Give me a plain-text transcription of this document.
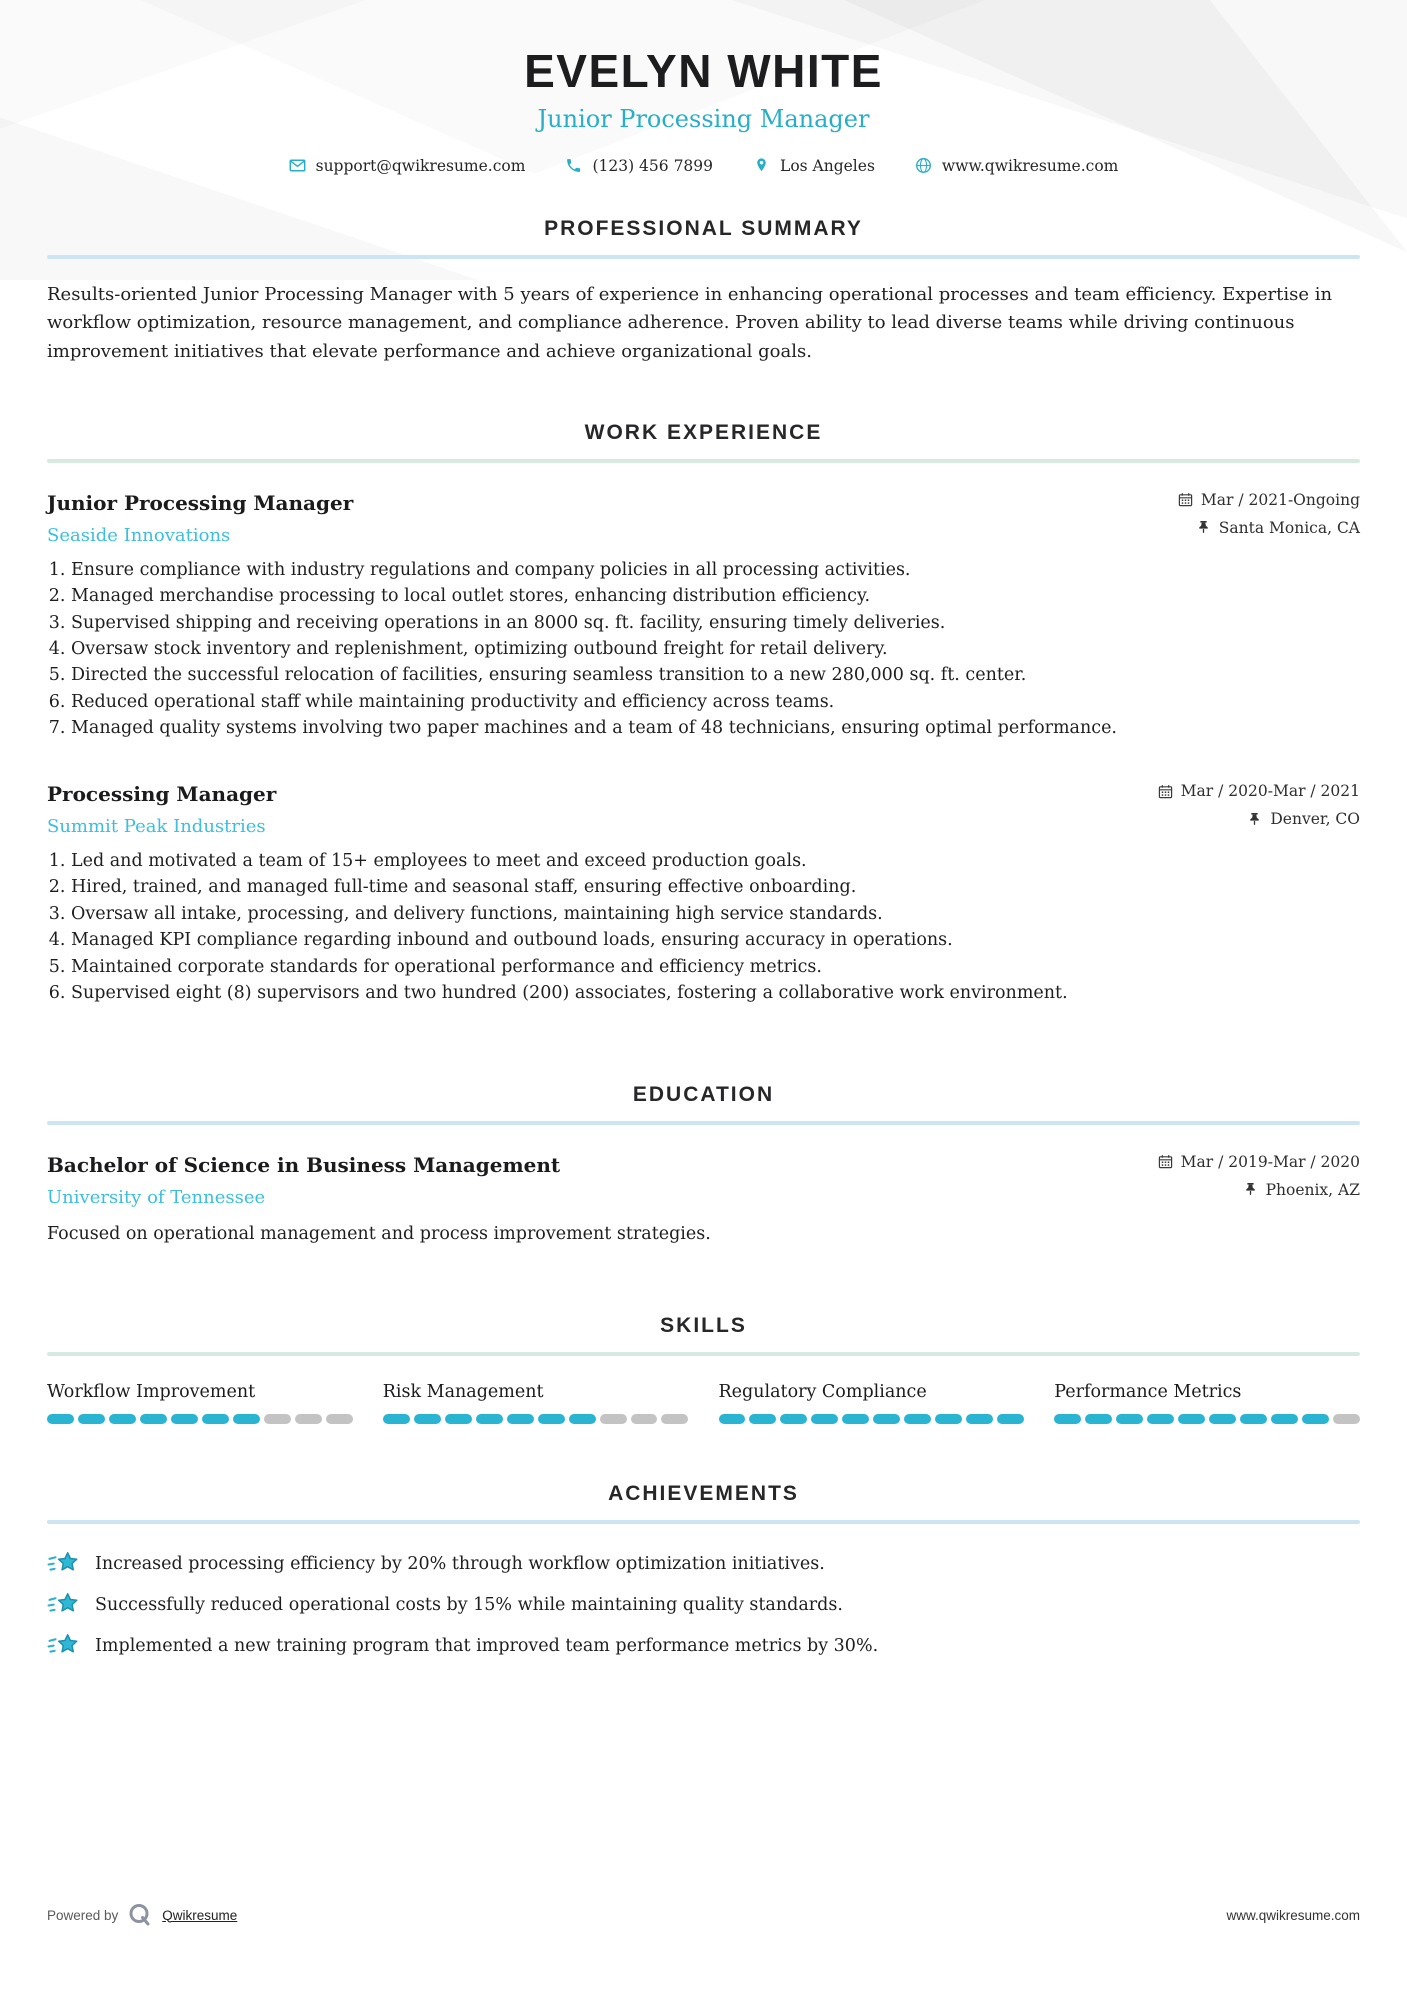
EVELYN WHITE
Junior Processing Manager
support@qwikresume.com	(123) 456 7899	Los Angeles	www.qwikresume.com
PROFESSIONAL SUMMARY
Results-oriented Junior Processing Manager with 5 years of experience in enhancing operational processes and team efficiency. Expertise in workflow optimization, resource management, and compliance adherence. Proven ability to lead diverse teams while driving continuous improvement initiatives that elevate performance and achieve organizational goals.
WORK EXPERIENCE
Junior Processing Manager
Seaside Innovations
Mar / 2021-Ongoing
Santa Monica, CA
1. Ensure compliance with industry regulations and company policies in all processing activities.
2. Managed merchandise processing to local outlet stores, enhancing distribution efficiency.
3. Supervised shipping and receiving operations in an 8000 sq. ft. facility, ensuring timely deliveries.
4. Oversaw stock inventory and replenishment, optimizing outbound freight for retail delivery.
5. Directed the successful relocation of facilities, ensuring seamless transition to a new 280,000 sq. ft. center.
6. Reduced operational staff while maintaining productivity and efficiency across teams.
7. Managed quality systems involving two paper machines and a team of 48 technicians, ensuring optimal performance.
Processing Manager
Summit Peak Industries
Mar / 2020-Mar / 2021
Denver, CO
1. Led and motivated a team of 15+ employees to meet and exceed production goals.
2. Hired, trained, and managed full-time and seasonal staff, ensuring effective onboarding.
3. Oversaw all intake, processing, and delivery functions, maintaining high service standards.
4. Managed KPI compliance regarding inbound and outbound loads, ensuring accuracy in operations.
5. Maintained corporate standards for operational performance and efficiency metrics.
6. Supervised eight (8) supervisors and two hundred (200) associates, fostering a collaborative work environment.
EDUCATION
Bachelor of Science in Business Management
University of Tennessee
Mar / 2019-Mar / 2020
Phoenix, AZ
Focused on operational management and process improvement strategies.
SKILLS
Workflow Improvement	Risk Management	Regulatory Compliance	Performance Metrics
ACHIEVEMENTS
Increased processing efficiency by 20% through workflow optimization initiatives.
Successfully reduced operational costs by 15% while maintaining quality standards.
Implemented a new training program that improved team performance metrics by 30%.
Powered by	Qwikresume	www.qwikresume.com
